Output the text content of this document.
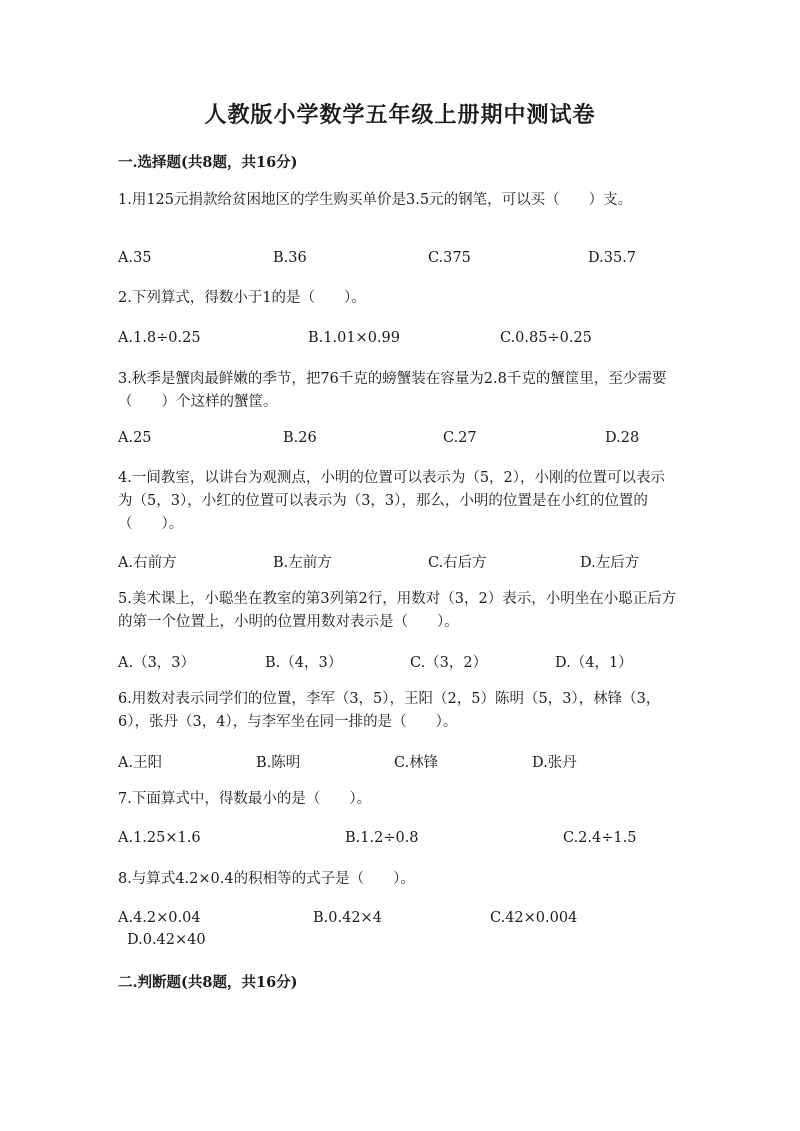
人教版小学数学五年级上册期中测试卷
一.选择题(共8题，共16分)
1.用125元捐款给贫困地区的学生购买单价是3.5元的钢笔，可以买（　　）支。
A.35	B.36	C.375	D.35.7
2.下列算式，得数小于1的是（　　）。
A.1.8÷0.25	B.1.01×0.99	C.0.85÷0.25
3.秋季是蟹肉最鲜嫩的季节，把76千克的螃蟹装在容量为2.8千克的蟹筐里，至少需要（　　）个这样的蟹筐。
A.25	B.26	C.27	D.28
4.一间教室，以讲台为观测点，小明的位置可以表示为（5，2），小刚的位置可以表示为（5，3），小红的位置可以表示为（3，3），那么，小明的位置是在小红的位置的（　　）。
A.右前方	B.左前方	C.右后方	D.左后方
5.美术课上，小聪坐在教室的第3列第2行，用数对（3，2）表示，小明坐在小聪正后方的第一个位置上，小明的位置用数对表示是（　　）。
A.（3，3）	B.（4，3）	C.（3，2）	D.（4，1）
6.用数对表示同学们的位置，李军（3，5），王阳（2，5）陈明（5，3），林锋（3，6），张丹（3，4），与李军坐在同一排的是（　　）。
A.王阳	B.陈明	C.林锋	D.张丹
7.下面算式中，得数最小的是（　　）。
A.1.25×1.6	B.1.2÷0.8	C.2.4÷1.5
8.与算式4.2×0.4的积相等的式子是（　　）。
A.4.2×0.04	B.0.42×4	C.42×0.004
D.0.42×40
二.判断题(共8题，共16分)
